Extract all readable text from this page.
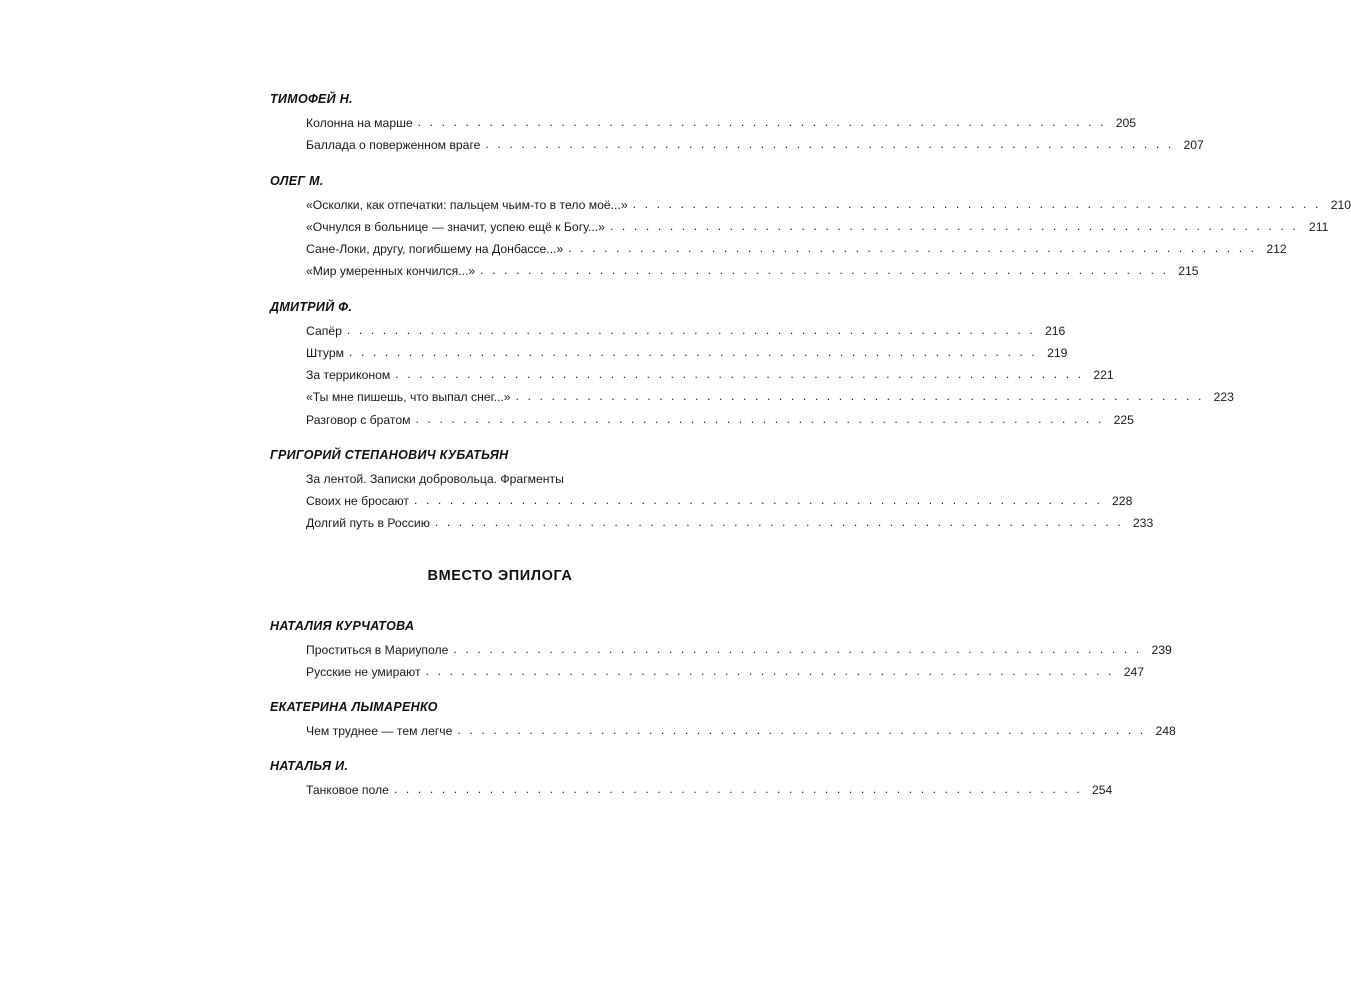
ТИМОФЕЙ Н.
Колонна на марше . . . . . . . . . . . . . . . . . . . . . . . . . . . . . . . . . . . . . . . . . . . . . . . . . . . . . . . . . . 205
Баллада о поверженном враге . . . . . . . . . . . . . . . . . . . . . . . . . . . . . . . . . . . . . . . . . . . . . . . . . . . . . . . . . . 207
ОЛЕГ М.
«Осколки, как отпечатки: пальцем чьим-то в тело моё...» . . . . . . . . . . . . . . . . . . . . . . . . . . . . . . . . . . . . . . . . . . . . . . . . . . . . . . . . . . 210
«Очнулся в больнице — значит, успею ещё к Богу...» . . . . . . . . . . . . . . . . . . . . . . . . . . . . . . . . . . . . . . . . . . . . . . . . . . . . . . . . . . 211
Сане-Локи, другу, погибшему на Донбассе...» . . . . . . . . . . . . . . . . . . . . . . . . . . . . . . . . . . . . . . . . . . . . . . . . . . . . . . . . . . 212
«Мир умеренных кончился...» . . . . . . . . . . . . . . . . . . . . . . . . . . . . . . . . . . . . . . . . . . . . . . . . . . . . . . . . . . 215
ДМИТРИЙ Ф.
Сапёр . . . . . . . . . . . . . . . . . . . . . . . . . . . . . . . . . . . . . . . . . . . . . . . . . . . . . . . . . . 216
Штурм . . . . . . . . . . . . . . . . . . . . . . . . . . . . . . . . . . . . . . . . . . . . . . . . . . . . . . . . . . 219
За терриконом . . . . . . . . . . . . . . . . . . . . . . . . . . . . . . . . . . . . . . . . . . . . . . . . . . . . . . . . . . 221
«Ты мне пишешь, что выпал снег...» . . . . . . . . . . . . . . . . . . . . . . . . . . . . . . . . . . . . . . . . . . . . . . . . . . . . . . . . . . 223
Разговор с братом . . . . . . . . . . . . . . . . . . . . . . . . . . . . . . . . . . . . . . . . . . . . . . . . . . . . . . . . . . 225
ГРИГОРИЙ СТЕПАНОВИЧ КУБАТЬЯН
За лентой. Записки добровольца. Фрагменты
Своих не бросают . . . . . . . . . . . . . . . . . . . . . . . . . . . . . . . . . . . . . . . . . . . . . . . . . . . . . . . . . . 228
Долгий путь в Россию . . . . . . . . . . . . . . . . . . . . . . . . . . . . . . . . . . . . . . . . . . . . . . . . . . . . . . . . . . 233
ВМЕСТО ЭПИЛОГА
НАТАЛИЯ КУРЧАТОВА
Проститься в Мариуполе . . . . . . . . . . . . . . . . . . . . . . . . . . . . . . . . . . . . . . . . . . . . . . . . . . . . . . . . . . 239
Русские не умирают . . . . . . . . . . . . . . . . . . . . . . . . . . . . . . . . . . . . . . . . . . . . . . . . . . . . . . . . . . 247
ЕКАТЕРИНА ЛЫМАРЕНКО
Чем труднее — тем легче . . . . . . . . . . . . . . . . . . . . . . . . . . . . . . . . . . . . . . . . . . . . . . . . . . . . . . . . . . 248
НАТАЛЬЯ И.
Танковое поле . . . . . . . . . . . . . . . . . . . . . . . . . . . . . . . . . . . . . . . . . . . . . . . . . . . . . . . . . . 254
